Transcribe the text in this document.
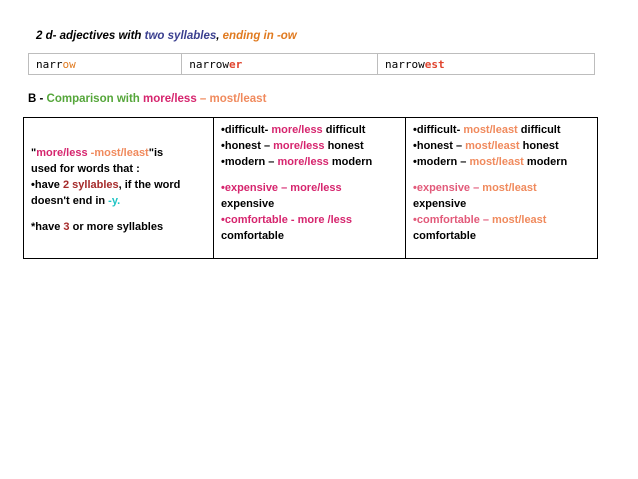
2 d- adjectives with two syllables, ending in -ow
narrow	narrower	narrowest
B - Comparison with more/less – most/least
"more/less -most/least"is
used for words that :
•have 2 syllables, if the word
doesn't end in -y.
*have 3 or more syllables

•difficult- more/less difficult
•honest – more/less honest
•modern – more/less modern
•expensive – more/less
expensive
•comfortable - more /less
comfortable

•difficult- most/least difficult
•honest – most/least honest
•modern – most/least modern
•expensive – most/least
expensive
•comfortable – most/least
comfortable
